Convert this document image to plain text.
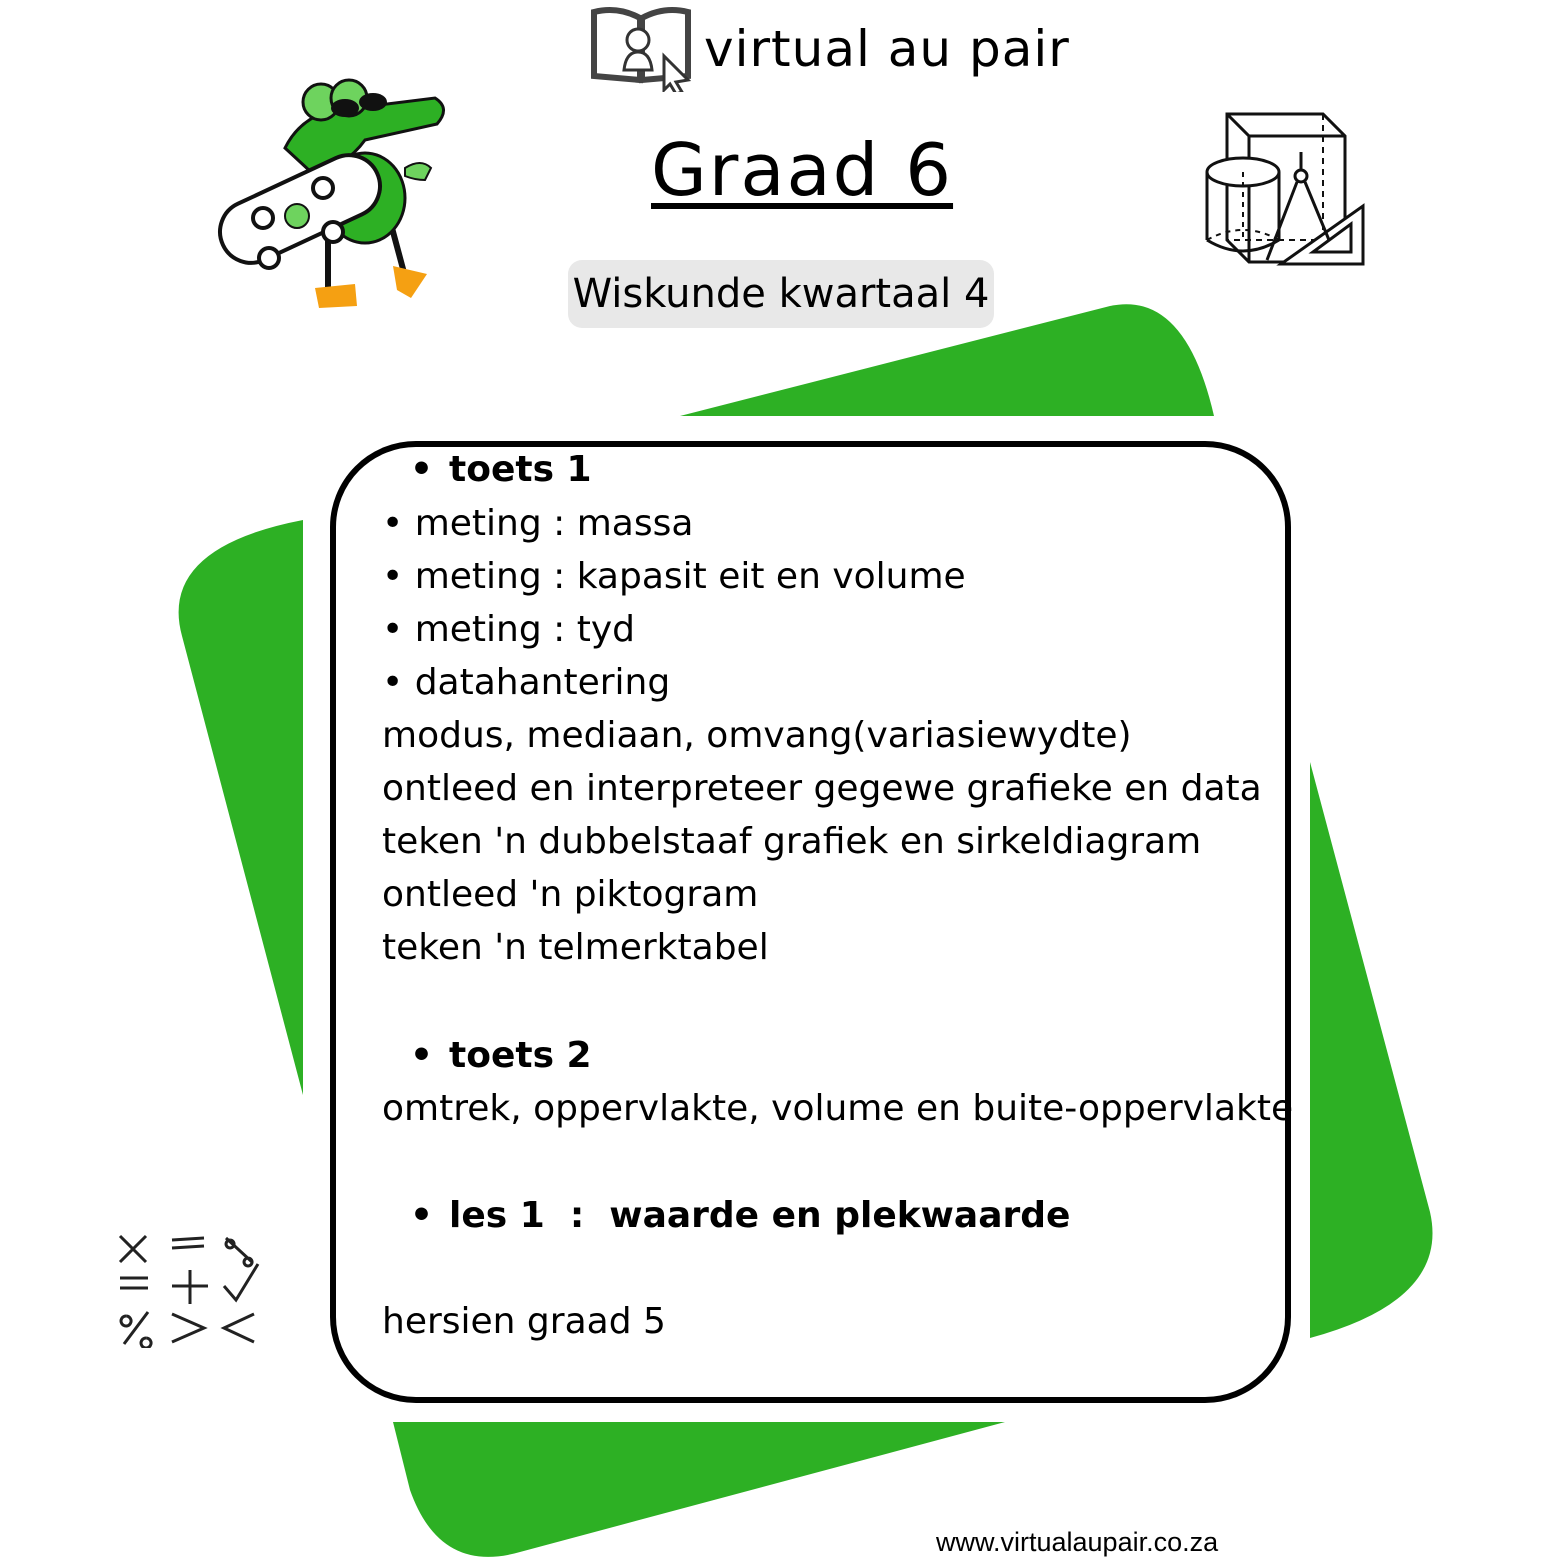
virtual au pair
Graad 6
Wiskunde kwartaal 4
• toets 1
• meting : massa
• meting : kapasit eit en volume
• meting : tyd
• datahantering
modus, mediaan, omvang(variasiewydte)
ontleed en interpreteer gegewe grafieke en data
teken 'n dubbelstaaf grafiek en sirkeldiagram
ontleed 'n piktogram
teken 'n telmerktabel
• toets 2
omtrek, oppervlakte, volume en buite-oppervlakte
• les 1  :  waarde en plekwaarde
hersien graad 5
www.virtualaupair.co.za
